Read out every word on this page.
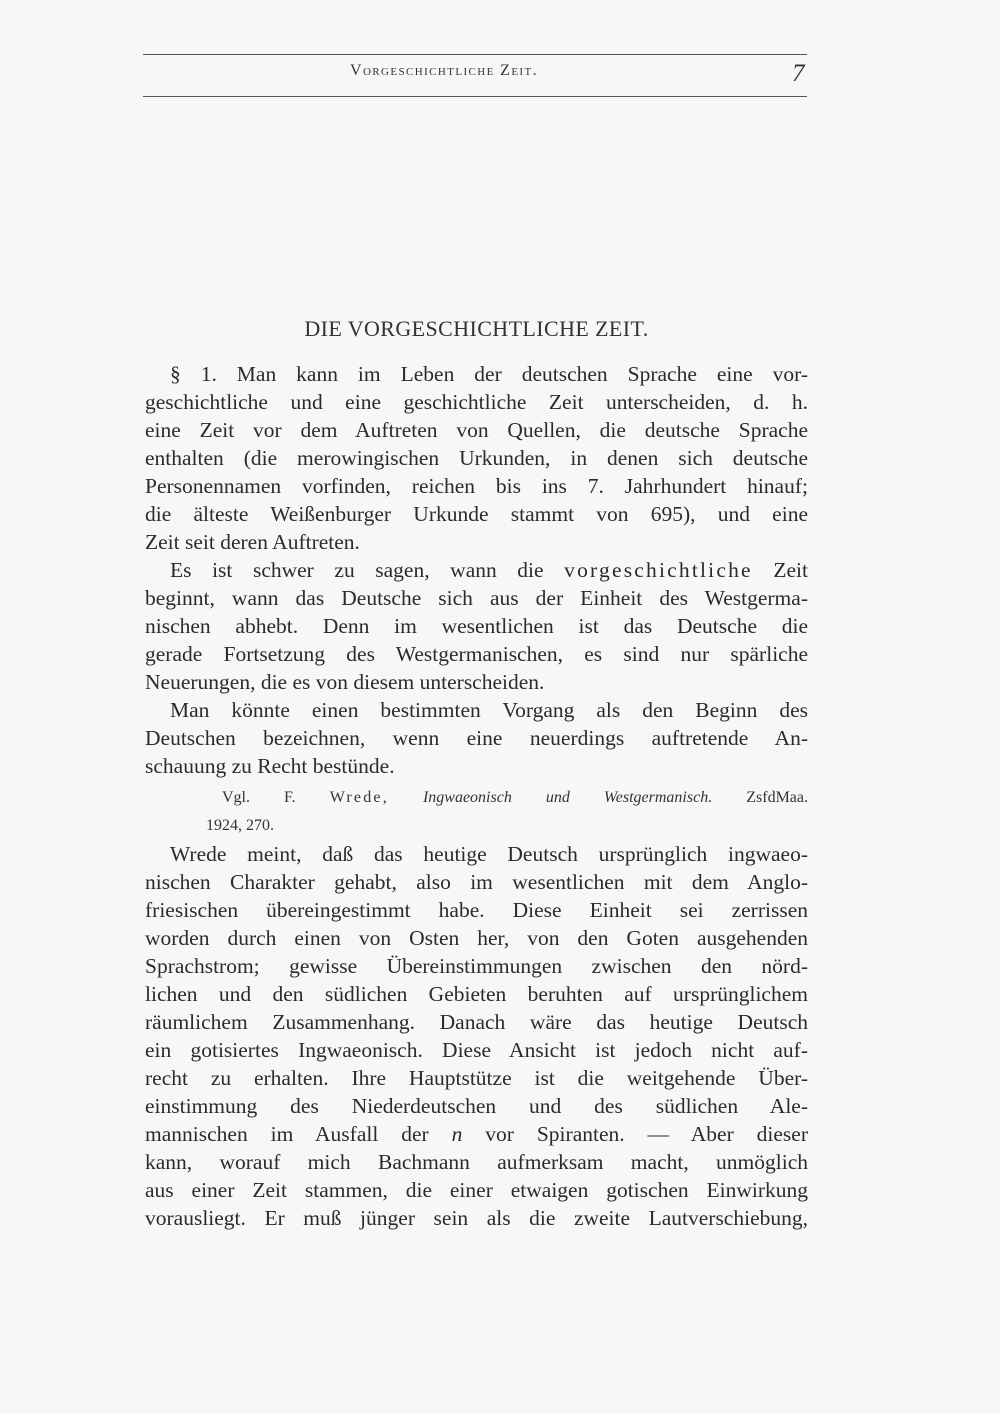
Vorgeschichtliche Zeit.	7
DIE VORGESCHICHTLICHE ZEIT.
§ 1. Man kann im Leben der deutschen Sprache eine vor-
geschichtliche und eine geschichtliche Zeit unterscheiden, d. h.
eine Zeit vor dem Auftreten von Quellen, die deutsche Sprache
enthalten (die merowingischen Urkunden, in denen sich deutsche
Personennamen vorfinden, reichen bis ins 7. Jahrhundert hinauf;
die älteste Weißenburger Urkunde stammt von 695), und eine
Zeit seit deren Auftreten.
Es ist schwer zu sagen, wann die vorgeschichtliche Zeit
beginnt, wann das Deutsche sich aus der Einheit des Westgerma-
nischen abhebt. Denn im wesentlichen ist das Deutsche die
gerade Fortsetzung des Westgermanischen, es sind nur spärliche
Neuerungen, die es von diesem unterscheiden.
Man könnte einen bestimmten Vorgang als den Beginn des
Deutschen bezeichnen, wenn eine neuerdings auftretende An-
schauung zu Recht bestünde.
Vgl. F. Wrede, Ingwaeonisch und Westgermanisch. ZsfdMaa.
1924, 270.
Wrede meint, daß das heutige Deutsch ursprünglich ingwaeo-
nischen Charakter gehabt, also im wesentlichen mit dem Anglo-
friesischen übereingestimmt habe. Diese Einheit sei zerrissen
worden durch einen von Osten her, von den Goten ausgehenden
Sprachstrom; gewisse Übereinstimmungen zwischen den nörd-
lichen und den südlichen Gebieten beruhten auf ursprünglichem
räumlichem Zusammenhang. Danach wäre das heutige Deutsch
ein gotisiertes Ingwaeonisch. Diese Ansicht ist jedoch nicht auf-
recht zu erhalten. Ihre Hauptstütze ist die weitgehende Über-
einstimmung des Niederdeutschen und des südlichen Ale-
mannischen im Ausfall der n vor Spiranten. — Aber dieser
kann, worauf mich Bachmann aufmerksam macht, unmöglich
aus einer Zeit stammen, die einer etwaigen gotischen Einwirkung
vorausliegt. Er muß jünger sein als die zweite Lautverschiebung,
